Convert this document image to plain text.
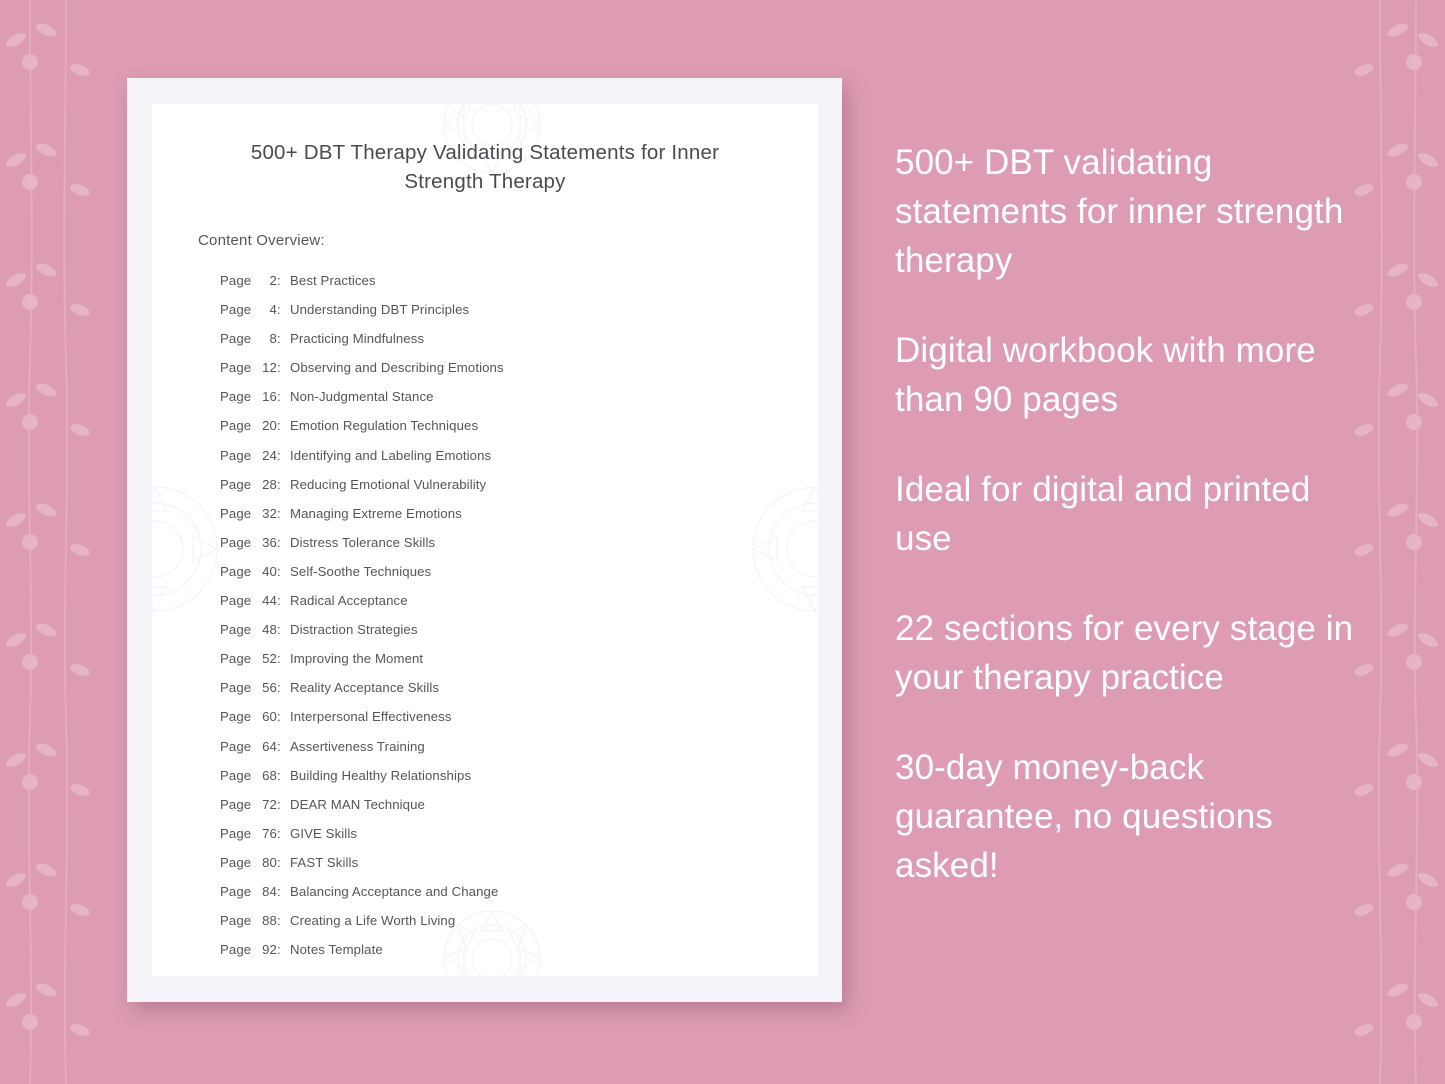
500+ DBT Therapy Validating Statements for Inner Strength Therapy
Content Overview:
Page 2: Best Practices
Page 4: Understanding DBT Principles
Page 8: Practicing Mindfulness
Page 12: Observing and Describing Emotions
Page 16: Non-Judgmental Stance
Page 20: Emotion Regulation Techniques
Page 24: Identifying and Labeling Emotions
Page 28: Reducing Emotional Vulnerability
Page 32: Managing Extreme Emotions
Page 36: Distress Tolerance Skills
Page 40: Self-Soothe Techniques
Page 44: Radical Acceptance
Page 48: Distraction Strategies
Page 52: Improving the Moment
Page 56: Reality Acceptance Skills
Page 60: Interpersonal Effectiveness
Page 64: Assertiveness Training
Page 68: Building Healthy Relationships
Page 72: DEAR MAN Technique
Page 76: GIVE Skills
Page 80: FAST Skills
Page 84: Balancing Acceptance and Change
Page 88: Creating a Life Worth Living
Page 92: Notes Template
500+ DBT validating statements for inner strength therapy
Digital workbook with more than 90 pages
Ideal for digital and printed use
22 sections for every stage in your therapy practice
30-day money-back guarantee, no questions asked!
